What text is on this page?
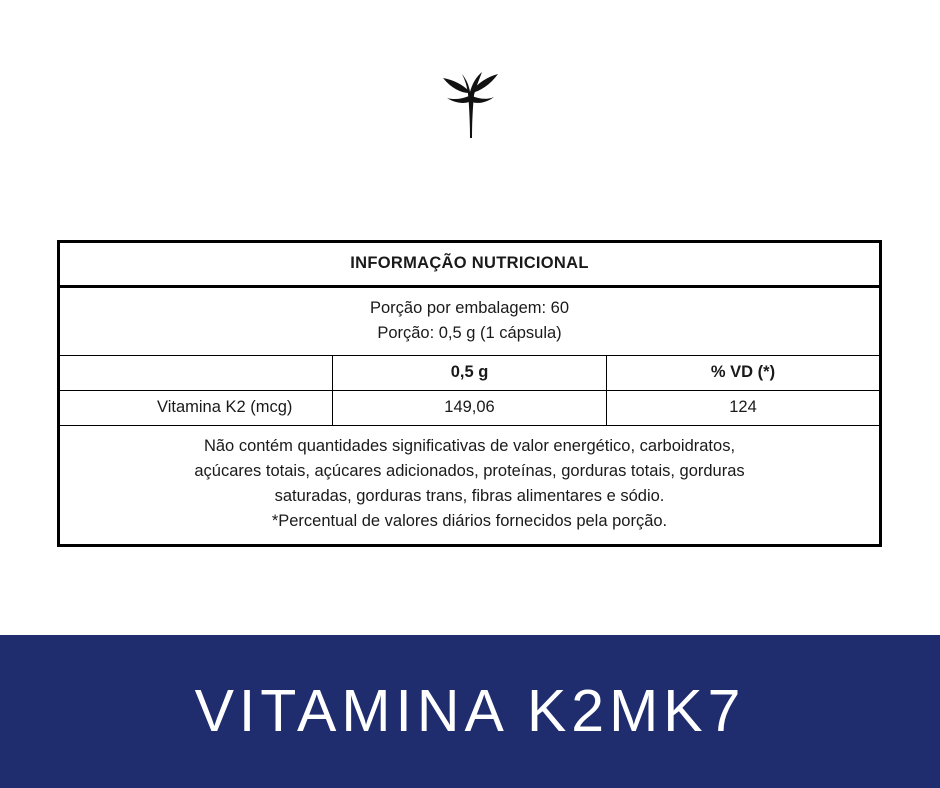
INFORMAÇÃO NUTRICIONAL		

Porção por embalagem: 60
Porção: 0,5 g (1 cápsula)		

	0,5 g	% VD (*)
Vitamina K2 (mcg)	149,06	124

Não contém quantidades significativas de valor energético, carboidratos,
açúcares totais, açúcares adicionados, proteínas, gorduras totais, gorduras
saturadas, gorduras trans, fibras alimentares e sódio.
*Percentual de valores diários fornecidos pela porção.		
VITAMINA K2MK7
